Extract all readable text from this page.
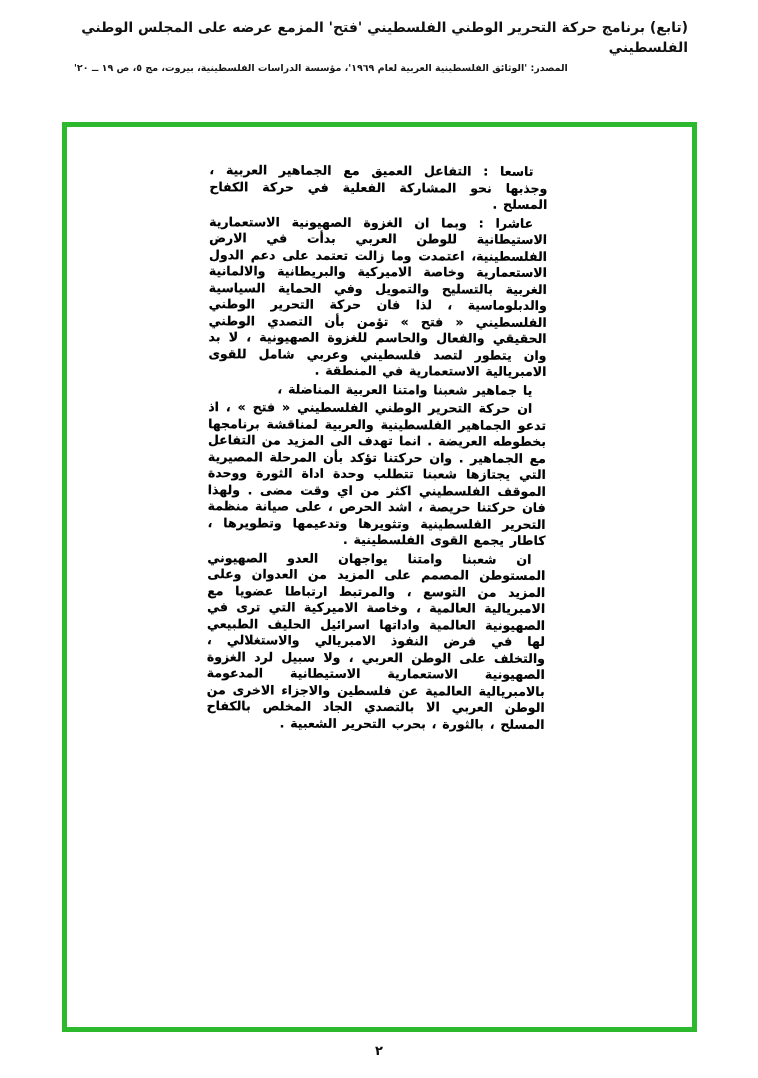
(تابع) برنامج حركة التحرير الوطني الفلسطيني 'فتح' المزمع عرضه على المجلس الوطني الفلسطيني
المصدر: 'الوثائق الفلسطينية العربية لعام ١٩٦٩'، مؤسسة الدراسات الفلسطينية، بيروت، مج ٥، ص ١٩ ــ ٢٠'

تاسعا : التفاعل العميق مع الجماهير العربية ، وجذبها نحو المشاركة الفعلية في حركة الكفاح المسلح .

عاشرا : وبما ان الغزوة الصهيونية الاستعمارية الاستيطانية للوطن العربي بدأت في الارض الفلسطينية، اعتمدت وما زالت تعتمد على دعم الدول الاستعمارية وخاصة الاميركية والبريطانية والالمانية الغربية بالتسليح والتمويل وفي الحماية السياسية والدبلوماسية ، لذا فان حركة التحرير الوطني الفلسطيني « فتح » تؤمن بأن التصدي الوطني الحقيقي والفعال والحاسم للغزوة الصهيونية ، لا بد وان يتطور لتصد فلسطيني وعربي شامل للقوى الامبريالية الاستعمارية في المنطقة .

يا جماهير شعبنا وامتنا العربية المناضلة ،

ان حركة التحرير الوطني الفلسطيني « فتح » ، اذ تدعو الجماهير الفلسطينية والعربية لمناقشة برنامجها بخطوطه العريضة . انما تهدف الى المزيد من التفاعل مع الجماهير . وان حركتنا تؤكد بأن المرحلة المصيرية التي يجتازها شعبنا تتطلب وحدة اداة الثورة ووحدة الموقف الفلسطيني اكثر من اي وقت مضى . ولهذا فان حركتنا حريصة ، اشد الحرص ، على صيانة منظمة التحرير الفلسطينية وتثويرها وتدعيمها وتطويرها ، كاطار يجمع القوى الفلسطينية .

ان شعبنا وامتنا يواجهان العدو الصهيوني المستوطن المصمم على المزيد من العدوان وعلى المزيد من التوسع ، والمرتبط ارتباطا عضويا مع الامبريالية العالمية ، وخاصة الاميركية التي ترى في الصهيونية العالمية واداتها اسرائيل الحليف الطبيعي لها في فرض النفوذ الامبريالي والاستغلالي ، والتخلف على الوطن العربي ، ولا سبيل لرد الغزوة الصهيونية الاستعمارية الاستيطانية المدعومة بالامبريالية العالمية عن فلسطين والاجزاء الاخرى من الوطن العربي الا بالتصدي الجاد المخلص بالكفاح المسلح ، بالثورة ، بحرب التحرير الشعبية .

٢
